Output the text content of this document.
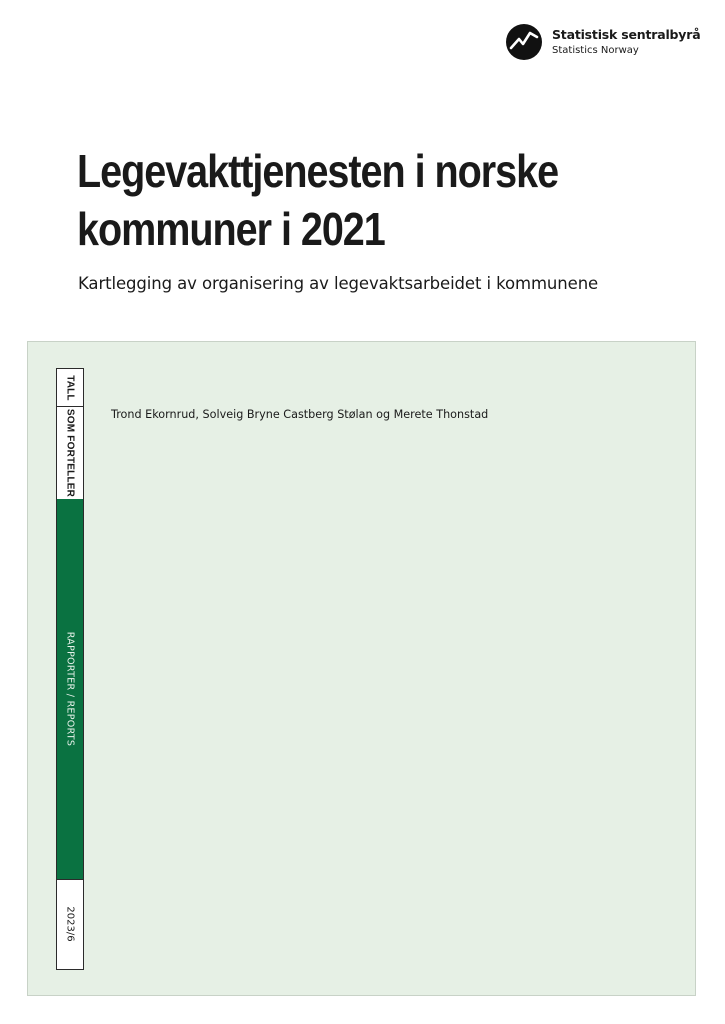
Statistisk sentralbyrå
Statistics Norway
Legevakttjenesten i norske
kommuner i 2021

Kartlegging av organisering av legevaktsarbeidet i kommunene

TALL
SOM FORTELLER
RAPPORTER / REPORTS
2023/6

Trond Ekornrud, Solveig Bryne Castberg Stølan og Merete Thonstad
